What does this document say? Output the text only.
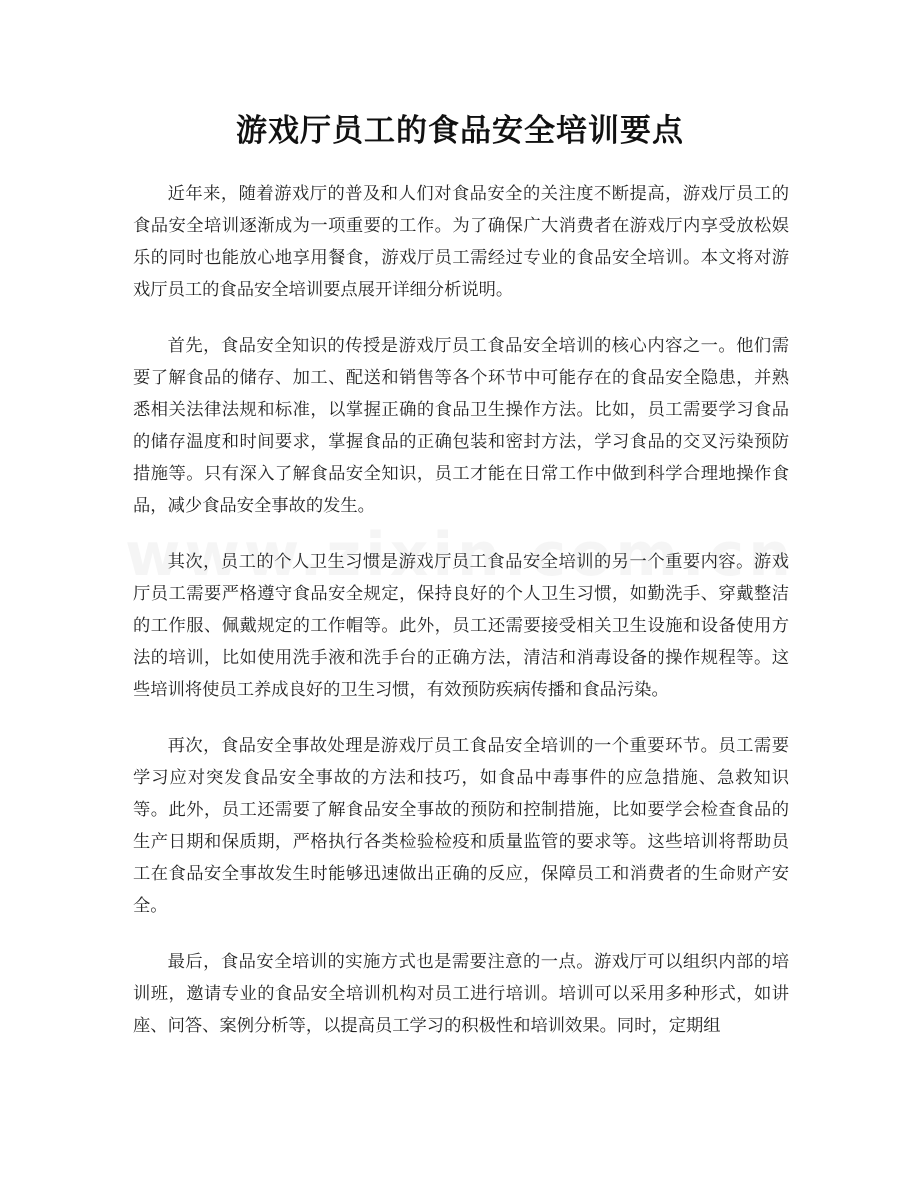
游戏厅员工的食品安全培训要点

近年来，随着游戏厅的普及和人们对食品安全的关注度不断提高，游戏厅员工的食品安全培训逐渐成为一项重要的工作。为了确保广大消费者在游戏厅内享受放松娱乐的同时也能放心地享用餐食，游戏厅员工需经过专业的食品安全培训。本文将对游戏厅员工的食品安全培训要点展开详细分析说明。

首先，食品安全知识的传授是游戏厅员工食品安全培训的核心内容之一。他们需要了解食品的储存、加工、配送和销售等各个环节中可能存在的食品安全隐患，并熟悉相关法律法规和标准，以掌握正确的食品卫生操作方法。比如，员工需要学习食品的储存温度和时间要求，掌握食品的正确包装和密封方法，学习食品的交叉污染预防措施等。只有深入了解食品安全知识，员工才能在日常工作中做到科学合理地操作食品，减少食品安全事故的发生。

其次，员工的个人卫生习惯是游戏厅员工食品安全培训的另一个重要内容。游戏厅员工需要严格遵守食品安全规定，保持良好的个人卫生习惯，如勤洗手、穿戴整洁的工作服、佩戴规定的工作帽等。此外，员工还需要接受相关卫生设施和设备使用方法的培训，比如使用洗手液和洗手台的正确方法，清洁和消毒设备的操作规程等。这些培训将使员工养成良好的卫生习惯，有效预防疾病传播和食品污染。

再次，食品安全事故处理是游戏厅员工食品安全培训的一个重要环节。员工需要学习应对突发食品安全事故的方法和技巧，如食品中毒事件的应急措施、急救知识等。此外，员工还需要了解食品安全事故的预防和控制措施，比如要学会检查食品的生产日期和保质期，严格执行各类检验检疫和质量监管的要求等。这些培训将帮助员工在食品安全事故发生时能够迅速做出正确的反应，保障员工和消费者的生命财产安全。

最后，食品安全培训的实施方式也是需要注意的一点。游戏厅可以组织内部的培训班，邀请专业的食品安全培训机构对员工进行培训。培训可以采用多种形式，如讲座、问答、案例分析等，以提高员工学习的积极性和培训效果。同时，定期组
